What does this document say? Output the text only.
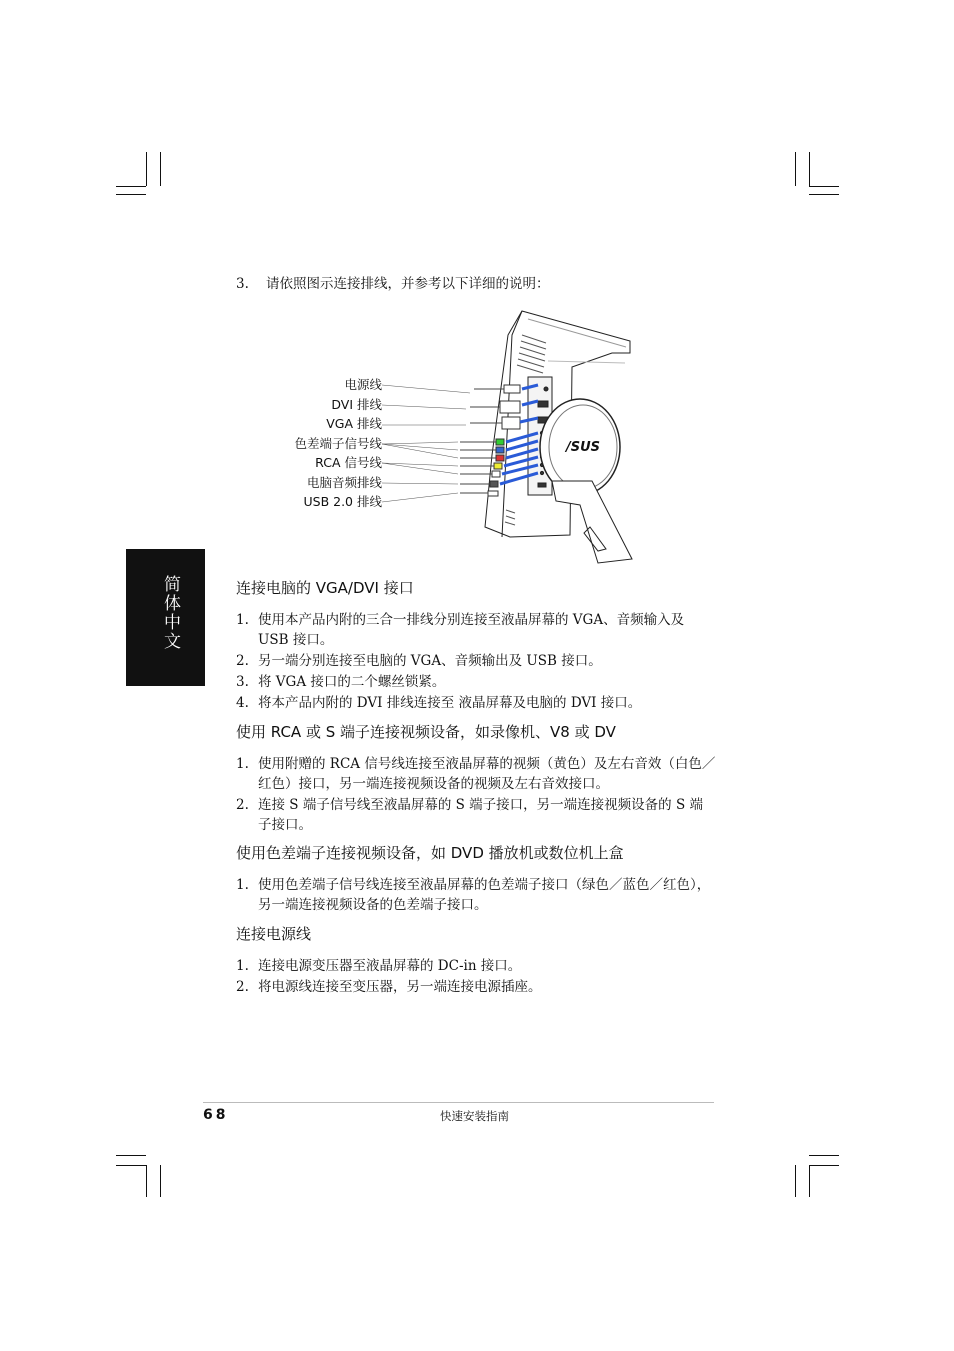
3. 请依照图示连接排线，并参考以下详细的说明：
/SUS
电源线
DVI 排线
VGA 排线
色差端子信号线
RCA 信号线
电脑音频排线
USB 2.0 排线
简体中文	连接电脑的 VGA/DVI 接口
1. 使用本产品内附的三合一排线分别连接至液晶屏幕的 VGA、音频输入及 USB 接口。
2. 另一端分别连接至电脑的 VGA、音频输出及 USB 接口。
3. 将 VGA 接口的二个螺丝锁紧。
4. 将本产品内附的 DVI 排线连接至 液晶屏幕及电脑的 DVI 接口。
使用 RCA 或 S 端子连接视频设备，如录像机、V8 或 DV
1. 使用附赠的 RCA 信号线连接至液晶屏幕的视频（黄色）及左右音效（白色／红色）接口，另一端连接视频设备的视频及左右音效接口。
2. 连接 S 端子信号线至液晶屏幕的 S 端子接口，另一端连接视频设备的 S 端子接口。
使用色差端子连接视频设备，如 DVD 播放机或数位机上盒
1. 使用色差端子信号线连接至液晶屏幕的色差端子接口（绿色／蓝色／红色），另一端连接视频设备的色差端子接口。
连接电源线
1. 连接电源变压器至液晶屏幕的 DC-in 接口。
2. 将电源线连接至变压器，另一端连接电源插座。
68	快速安装指南
